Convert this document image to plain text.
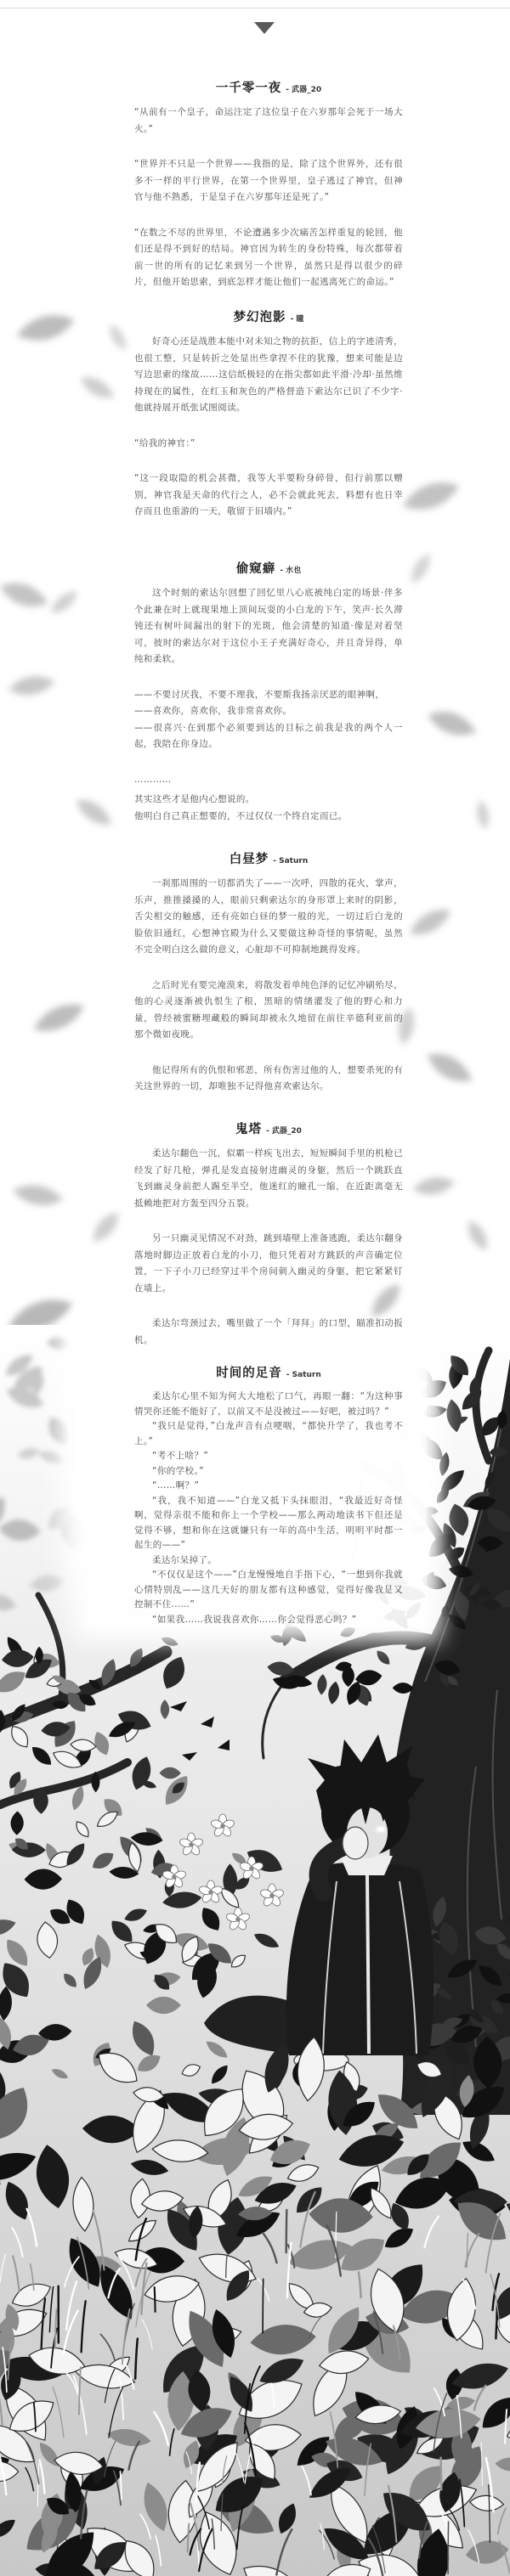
一千零一夜 - 武器_20

“从前有一个皇子，命运注定了这位皇子在六岁那年会死于一场大火。”

“世界并不只是一个世界——我指的是，除了这个世界外，还有很多不一样的平行世界，在第一个世界里，皇子逃过了神官，但神官与他不熟悉，于是皇子在六岁那年还是死了。”

“在数之不尽的世界里，不论遭遇多少次痛苦怎样重复的轮回，他们还是得不到好的结局。神官因为转生的身份特殊，每次都带着前一世的所有的记忆来到另一个世界，虽然只是得以很少的碎片，但他开始思索，到底怎样才能让他们一起逃离死亡的命运。”

梦幻泡影 - 瞳

好奇心还是战胜本能中对未知之物的抗拒，信上的字迹清秀，也很工整，只是转折之处显出些拿捏不住的犹豫，想来可能是边写边思索的缘故……这信纸极轻的在指尖都如此平滑·冷却·虽然维持现在的属性，在红玉和灰色的严格督造下索达尔已识了不少字·他就持展开纸张试图阅读。

“给我的神官：”

“这一段取隐的机会甚微，我等大半要粉身碎骨，但行前那以赠别，神官我是天命的代行之人，必不会就此死去，料想有也日幸存而且也重游的一天，敬留于旧墙内。”

偷窥癖 - 水也

这个时刻的索达尔回想了回忆里八心底被纯白定的场景·伴多个此兼在时上就现果地上顶间玩耍的小白龙的下午，笑声·长久滞钝还有树叶间漏出的射下的光斑，他会清楚的知道·像是对着坚可，彼时的索达尔对于这位小王子充满好奇心，并且奇异得，单纯和柔软。

——不要讨厌我，不要不理我，不要斯我扬亲厌恶的眼神啊，

——喜欢你，喜欢你，我非常喜欢你。

——很喜兴·在到那个必须要到达的目标之前我是我的两个人一起，我陪在你身边。

…………

其实这些才是他内心想说的。

他明白自己真正想要的，不过仅仅一个终自定而已。

白昼梦 - Saturn

一刹那周围的一切都消失了——一次呼，四散的花火，掌声，乐声，推推搡搡的人，眼前只剩索达尔的身形罩上来时的阴影，舌尖相交的触感，还有亮如白昼的梦一般的光，一切过后白龙的脸依旧通红，心想神官殿为什么又要做这种奇怪的事情呢，虽然不完全明白这么做的意义，心脏却不可抑制地跳得发疼。

之后时光有要完淹漠来，将散发着单纯色泽的记忆冲刷殆尽，他的心灵逐渐被仇恨生了根，黑暗的情绪灌发了他的野心和力量，曾经被蜜糖埋藏般的瞬间却被永久地留在前往辛德利亚前的那个微如夜晚。

他记得所有的仇恨和邪恶，所有伤害过他的人，想要杀死的有关这世界的一切，却唯独不记得他喜欢索达尔。

鬼塔 - 武器_20

柔达尔翻色一沉，似霸一样疾飞出去，短短瞬间手里的机枪已经发了好几枪，弹孔是发直接射进幽灵的身躯，然后一个跳跃直飞到幽灵身前把人踢至半空，他迷红的瞳孔一缩，在近距离毫无抵赖地把对方轰至四分五裂。

另一只幽灵见情况不对劲，跳到墙壁上准备逃跑，柔达尔翻身落地时脚边正放着白龙的小刀，他只凭着对方跳跃的声音确定位置，一下子小刀已经穿过半个房间刺入幽灵的身躯，把它紧紧钉在墙上。

柔达尔弯颈过去，嘴里做了一个「拜拜」的口型，瞄准扣动扳机。

时间的足音 - Saturn

柔达尔心里不知为何大大地松了口气，再眼一翻：“为这种事情哭你还能不能好了，以前又不是没被过——好吧，被过吗？”

“我只是觉得，”白龙声音有点哽咽，“都快升学了，我也考不上。”

“考不上啥？”

“你的学校。”

“……啊？”

“我，我不知道——”白龙又抵下头抹眼泪，“我最近好奇怪啊，觉得亲很不能和你上一个学校——那么两动地读书下但还是觉得不够，想和你在这就嫌只有一年的高中生活，明明平时都一起生的——”

柔达尔呆掉了。

“不仅仅是这个——”白龙慢慢地自手指下心，“一想到你我就心情特别乱——这几天好的朋友都有这种感觉，觉得好像我是又控制不住……”

“如果我……我说我喜欢你……你会觉得恶心吗？”
